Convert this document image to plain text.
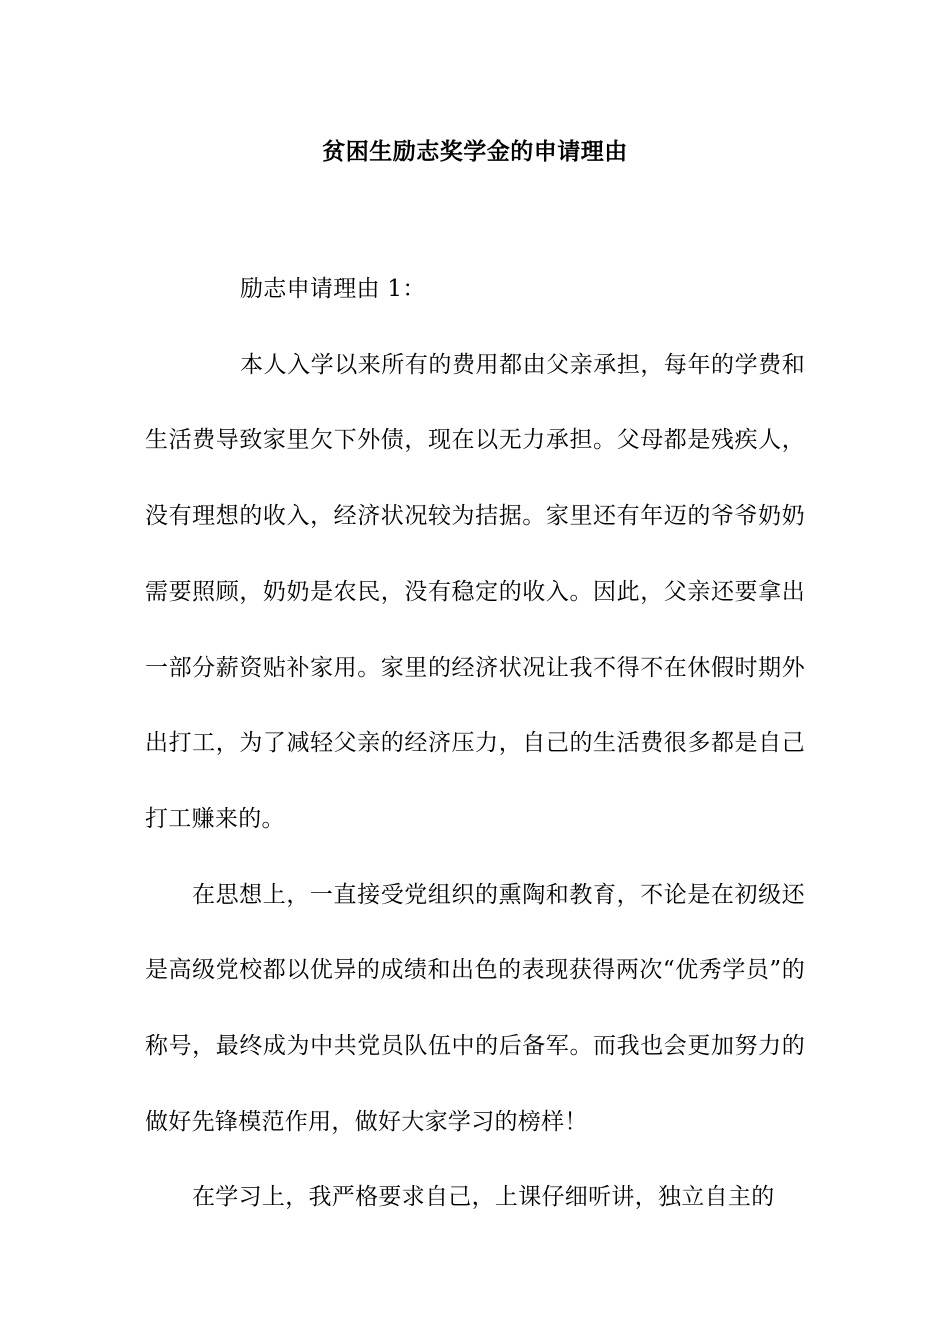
贫困生励志奖学金的申请理由

励志申请理由 1：

本人入学以来所有的费用都由父亲承担，每年的学费和生活费导致家里欠下外债，现在以无力承担。父母都是残疾人，没有理想的收入，经济状况较为拮据。家里还有年迈的爷爷奶奶需要照顾，奶奶是农民，没有稳定的收入。因此，父亲还要拿出一部分薪资贴补家用。家里的经济状况让我不得不在休假时期外出打工，为了减轻父亲的经济压力，自己的生活费很多都是自己打工赚来的。

在思想上，一直接受党组织的熏陶和教育，不论是在初级还是高级党校都以优异的成绩和出色的表现获得两次“优秀学员”的称号，最终成为中共党员队伍中的后备军。而我也会更加努力的做好先锋模范作用，做好大家学习的榜样！

在学习上，我严格要求自己，上课仔细听讲，独立自主的
